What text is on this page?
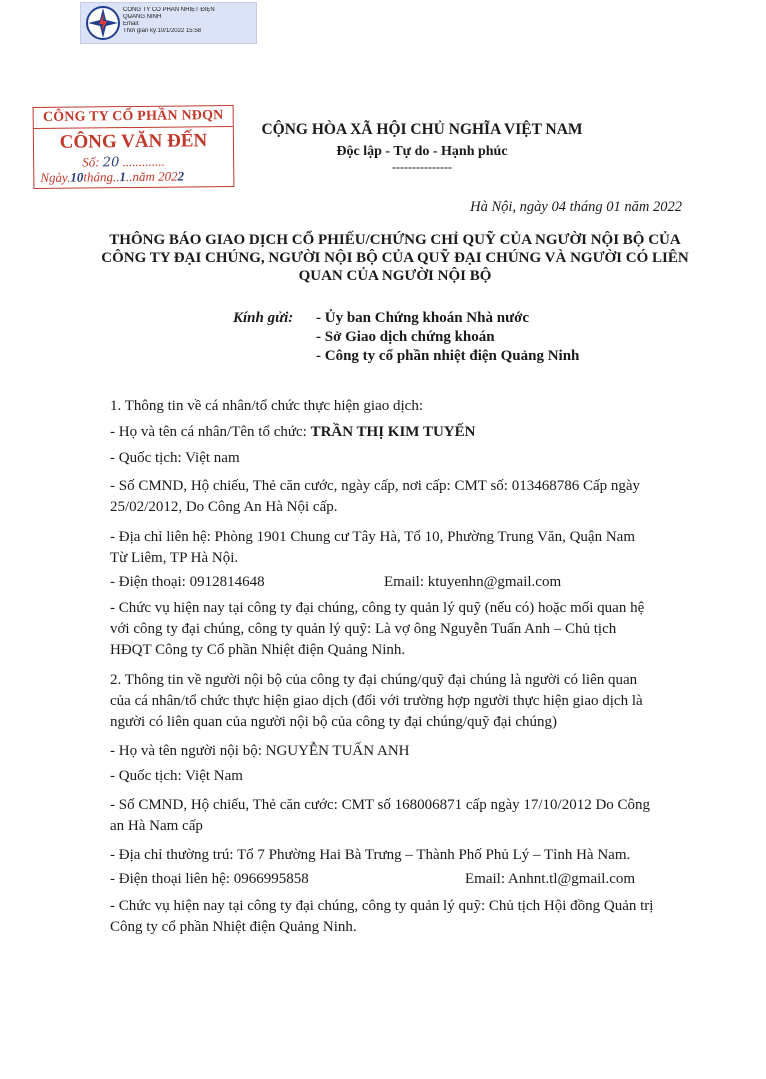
CÔNG TY CỔ PHẦN NHIỆT ĐIỆN
QUẢNG NINH
Email:
Thời gian ký:10/1/2022 15:58
CÔNG TY CỔ PHẦN NĐQN
CÔNG VĂN ĐẾN
Số: 20 .............
Ngày.10tháng..1..năm 2022
CỘNG HÒA XÃ HỘI CHỦ NGHĨA VIỆT NAM
Độc lập - Tự do - Hạnh phúc
---------------
Hà Nội, ngày 04 tháng 01 năm 2022
THÔNG BÁO GIAO DỊCH CỔ PHIẾU/CHỨNG CHỈ QUỸ CỦA NGƯỜI NỘI BỘ CỦA
CÔNG TY ĐẠI CHÚNG, NGƯỜI NỘI BỘ CỦA QUỸ ĐẠI CHÚNG VÀ NGƯỜI CÓ LIÊN
QUAN CỦA NGƯỜI NỘI BỘ
Kính gửi: - Ủy ban Chứng khoán Nhà nước
- Sở Giao dịch chứng khoán
- Công ty cổ phần nhiệt điện Quảng Ninh
1. Thông tin về cá nhân/tổ chức thực hiện giao dịch:
- Họ và tên cá nhân/Tên tổ chức: TRẦN THỊ KIM TUYẾN
- Quốc tịch: Việt nam
- Số CMND, Hộ chiếu, Thẻ căn cước, ngày cấp, nơi cấp: CMT số: 013468786 Cấp ngày
25/02/2012, Do Công An Hà Nội cấp.
- Địa chỉ liên hệ: Phòng 1901 Chung cư Tây Hà, Tổ 10, Phường Trung Văn, Quận Nam
Từ Liêm, TP Hà Nội.
- Điện thoại: 0912814648	Email: ktuyenhn@gmail.com
- Chức vụ hiện nay tại công ty đại chúng, công ty quản lý quỹ (nếu có) hoặc mối quan hệ
với công ty đại chúng, công ty quản lý quỹ: Là vợ ông Nguyễn Tuấn Anh – Chủ tịch
HĐQT Công ty Cổ phần Nhiệt điện Quảng Ninh.
2. Thông tin về người nội bộ của công ty đại chúng/quỹ đại chúng là người có liên quan
của cá nhân/tổ chức thực hiện giao dịch (đối với trường hợp người thực hiện giao dịch là
người có liên quan của người nội bộ của công ty đại chúng/quỹ đại chúng)
- Họ và tên người nội bộ: NGUYỄN TUẤN ANH
- Quốc tịch: Việt Nam
- Số CMND, Hộ chiếu, Thẻ căn cước: CMT số 168006871 cấp ngày 17/10/2012 Do Công
an Hà Nam cấp
- Địa chỉ thường trú: Tổ 7 Phường Hai Bà Trưng – Thành Phố Phủ Lý – Tỉnh Hà Nam.
- Điện thoại liên hệ: 0966995858	Email: Anhnt.tl@gmail.com
- Chức vụ hiện nay tại công ty đại chúng, công ty quản lý quỹ: Chủ tịch Hội đồng Quản trị
Công ty cổ phần Nhiệt điện Quảng Ninh.
